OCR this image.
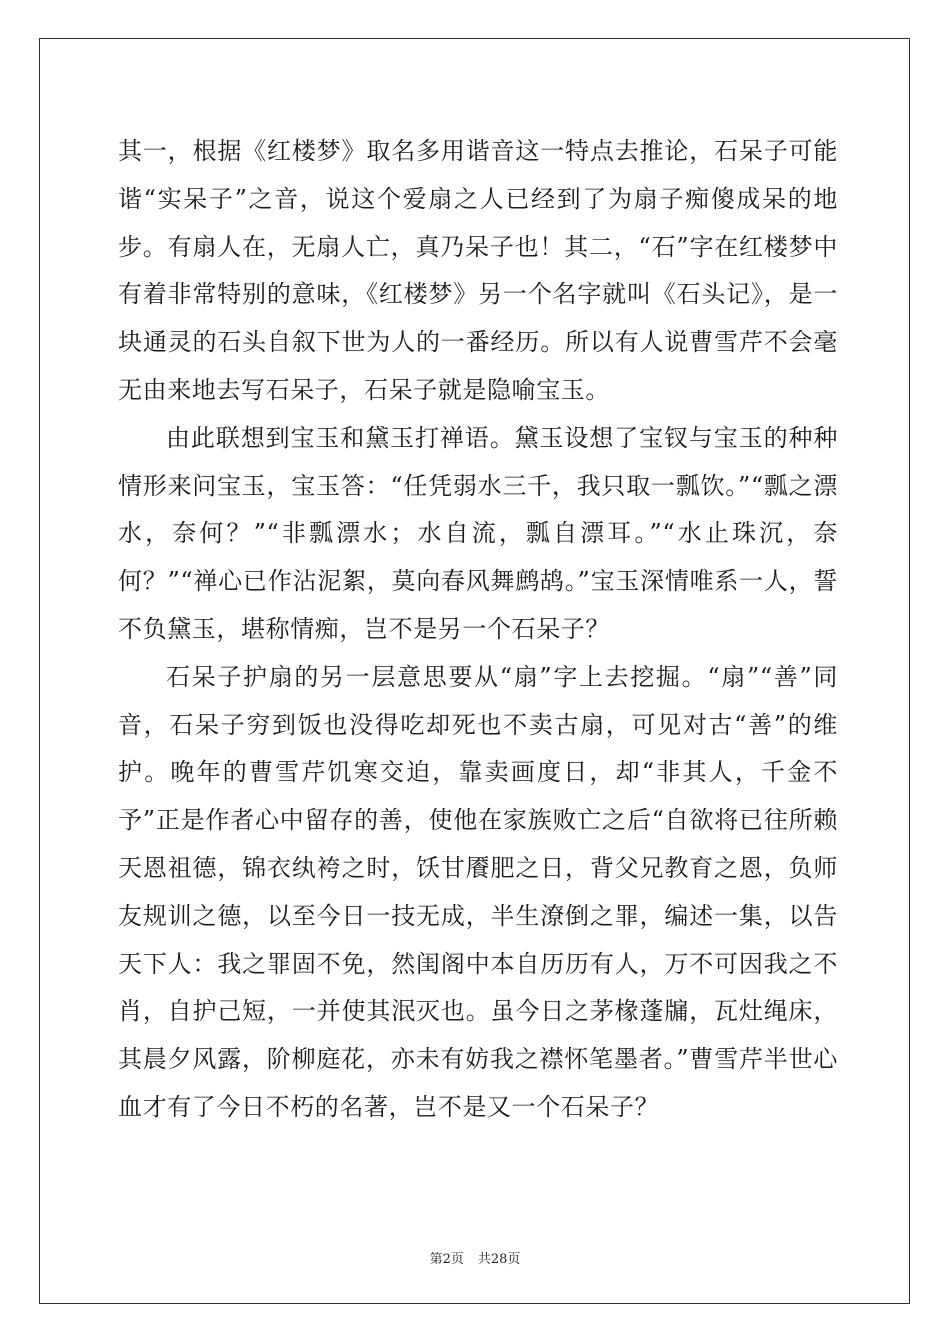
其一，根据《红楼梦》取名多用谐音这一特点去推论，石呆子可能谐“实呆子”之音，说这个爱扇之人已经到了为扇子痴傻成呆的地步。有扇人在，无扇人亡，真乃呆子也！其二，“石”字在红楼梦中有着非常特别的意味，《红楼梦》另一个名字就叫《石头记》，是一块通灵的石头自叙下世为人的一番经历。所以有人说曹雪芹不会毫无由来地去写石呆子，石呆子就是隐喻宝玉。

由此联想到宝玉和黛玉打禅语。黛玉设想了宝钗与宝玉的种种情形来问宝玉，宝玉答：“任凭弱水三千，我只取一瓢饮。”“瓢之漂水，奈何？”“非瓢漂水；水自流，瓢自漂耳。”“水止珠沉，奈何？”“禅心已作沾泥絮，莫向春风舞鹧鸪。”宝玉深情唯系一人，誓不负黛玉，堪称情痴，岂不是另一个石呆子？

石呆子护扇的另一层意思要从“扇”字上去挖掘。“扇”“善”同音，石呆子穷到饭也没得吃却死也不卖古扇，可见对古“善”的维护。晚年的曹雪芹饥寒交迫，靠卖画度日，却“非其人，千金不予”正是作者心中留存的善，使他在家族败亡之后“自欲将已往所赖天恩祖德，锦衣纨袴之时，饫甘餍肥之日，背父兄教育之恩，负师友规训之德，以至今日一技无成，半生潦倒之罪，编述一集，以告天下人：我之罪固不免，然闺阁中本自历历有人，万不可因我之不肖，自护己短，一并使其泯灭也。虽今日之茅椽蓬牖，瓦灶绳床，其晨夕风露，阶柳庭花，亦未有妨我之襟怀笔墨者。”曹雪芹半世心血才有了今日不朽的名著，岂不是又一个石呆子？

第2页 共28页
